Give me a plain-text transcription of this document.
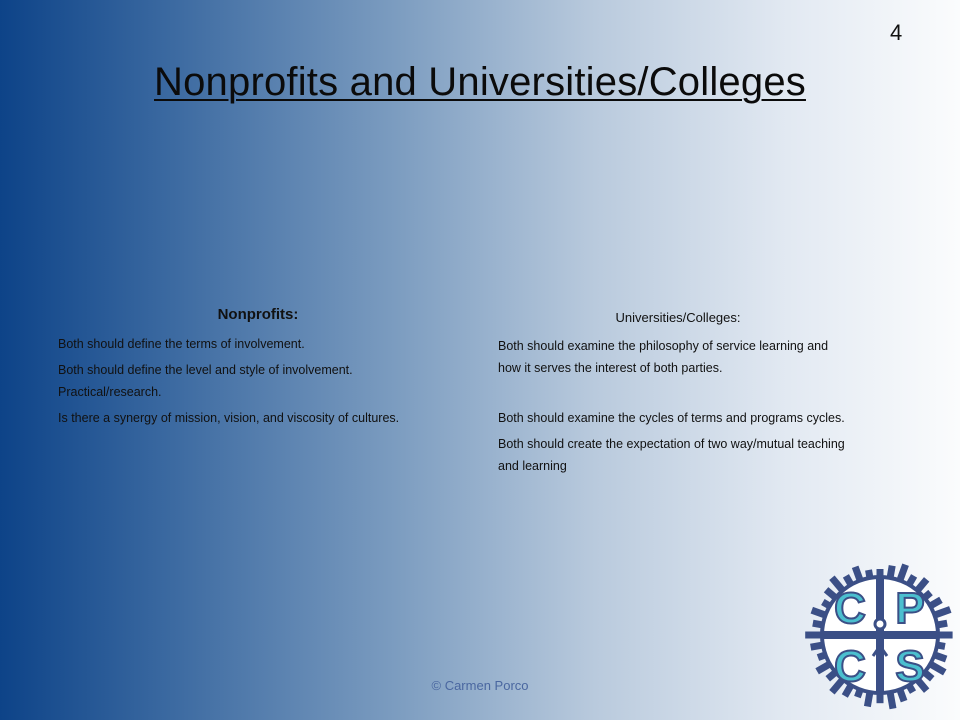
4
Nonprofits and Universities/Colleges
Nonprofits:

Both should define the terms of involvement.

Both should define the level and style of involvement.

Practical/research.

Is there a synergy of mission, vision, and viscosity of cultures.

Universities/Colleges:

Both should examine the philosophy of service learning and

how it serves the interest of both parties.

Both should examine the cycles of terms and programs cycles.

Both should create the expectation of two way/mutual teaching

and learning

© Carmen Porco
C P
C S
